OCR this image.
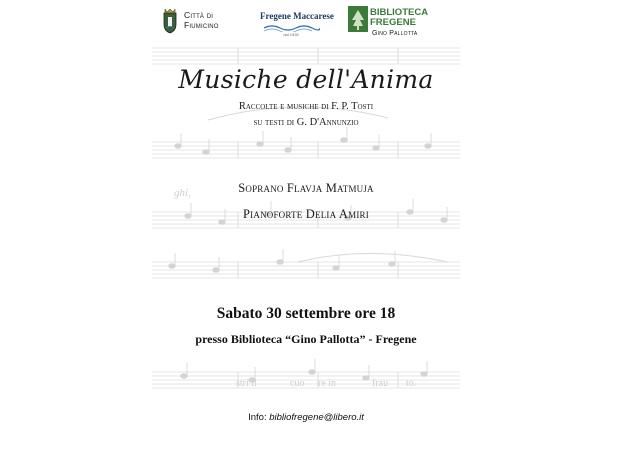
ghi,
stri il	cuo re in	frau to.
Città di
Fiumicino
Fregene Maccarese
dal 1926
BIBLIOTECA
FREGENE
Gino Pallotta
Musiche dell'Anima
Raccolte e musiche di F. P. Tosti
su testi di G. D'Annunzio
Soprano Flavja Matmuja
Pianoforte Delia Amiri
Sabato 30 settembre ore 18
presso Biblioteca “Gino Pallotta” - Fregene
Info: bibliofregene@libero.it
